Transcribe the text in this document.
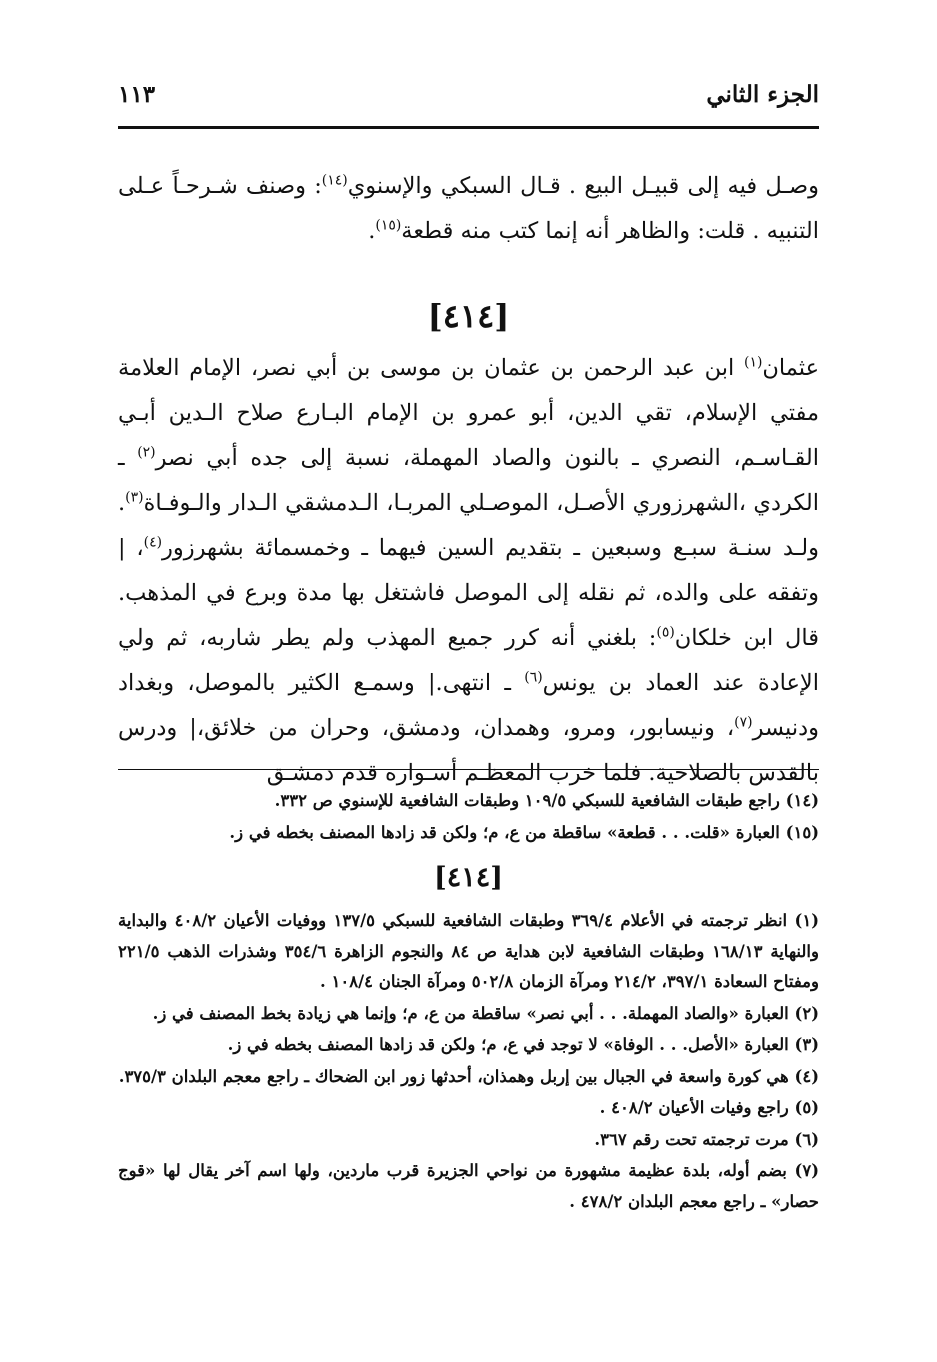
الجزء الثاني
١١٣

وصـل فيه إلى قبيـل البيع . قـال السبكي والإسنوي$^{(١٤)}$: وصنف شـرحـاً عـلى التنبيه . قلت: والظاهر أنه إنما كتب منه قطعة$^{(١٥)}$.

[٤١٤]

عثمان$^{(١)}$ ابن عبد الرحمن بن عثمان بن موسى بن أبي نصر، الإمام العلامة مفتي الإسلام، تقي الدين، أبو عمرو بن الإمام البـارع صلاح الـدين أبـي القـاسـم، النصري ـ بالنون والصاد المهملة، نسبة إلى جده أبي نصر$^{(٢)}$ ـ الكردي ،الشهرزوري الأصـل، الموصـلي المربـا، الـدمشقي الـدار والـوفـاة$^{(٣)}$. ولـد سنـة سبـع وسبعين ـ بتقديم السين فيهما ـ وخمسمائة بشهرزور$^{(٤)}$، |وتفقه على والده، ثم نقله إلى الموصل فاشتغل بها مدة وبرع في المذهب. قال ابن خلكان$^{(٥)}$: بلغني أنه كرر جميع المهذب ولم يطر شاربه، ثم ولي الإعادة عند العماد بن يونس$^{(٦)}$ ـ انتهى.| وسمـع الكثير بالموصل، وبغداد ودنيسر$^{(٧)}$، ونيسابور، ومرو، وهمدان، ودمشق، وحران من خلائق،| ودرس بالقدس بالصلاحية. فلما خرب المعظـم أسـواره قدم دمشـق

(١٤) راجع طبقات الشافعية للسبكي ١٠٩/٥ وطبقات الشافعية للإسنوي ص ٣٣٢.
(١٥) العبارة «قلت. . . قطعة» ساقطة من ع، م؛ ولكن قد زادها المصنف بخطه في ز.
[٤١٤]
(١) انظر ترجمته في الأعلام ٣٦٩/٤ وطبقات الشافعية للسبكي ١٣٧/٥ ووفيات الأعيان ٤٠٨/٢ والبداية والنهاية ١٦٨/١٣ وطبقات الشافعية لابن هداية ص ٨٤ والنجوم الزاهرة ٣٥٤/٦ وشذرات الذهب ٢٢١/٥ ومفتاح السعادة ٣٩٧/١، ٢١٤/٢ ومرآة الزمان ٥٠٢/٨ ومرآة الجنان ١٠٨/٤ .
(٢) العبارة «والصاد المهملة. . . أبي نصر» ساقطة من ع، م؛ وإنما هي زيادة بخط المصنف في ز.
(٣) العبارة «الأصل. . . الوفاة» لا توجد في ع، م؛ ولكن قد زادها المصنف بخطه في ز.
(٤) هي كورة واسعة في الجبال بين إربل وهمذان، أحدثها زور ابن الضحاك ـ راجع معجم البلدان ٣٧٥/٣.
(٥) راجع وفيات الأعيان ٤٠٨/٢ .
(٦) مرت ترجمته تحت رقم ٣٦٧.
(٧) بضم أوله، بلدة عظيمة مشهورة من نواحي الجزيرة قرب ماردين، ولها اسم آخر يقال لها «قوج حصار» ـ راجع معجم البلدان ٤٧٨/٢ .
